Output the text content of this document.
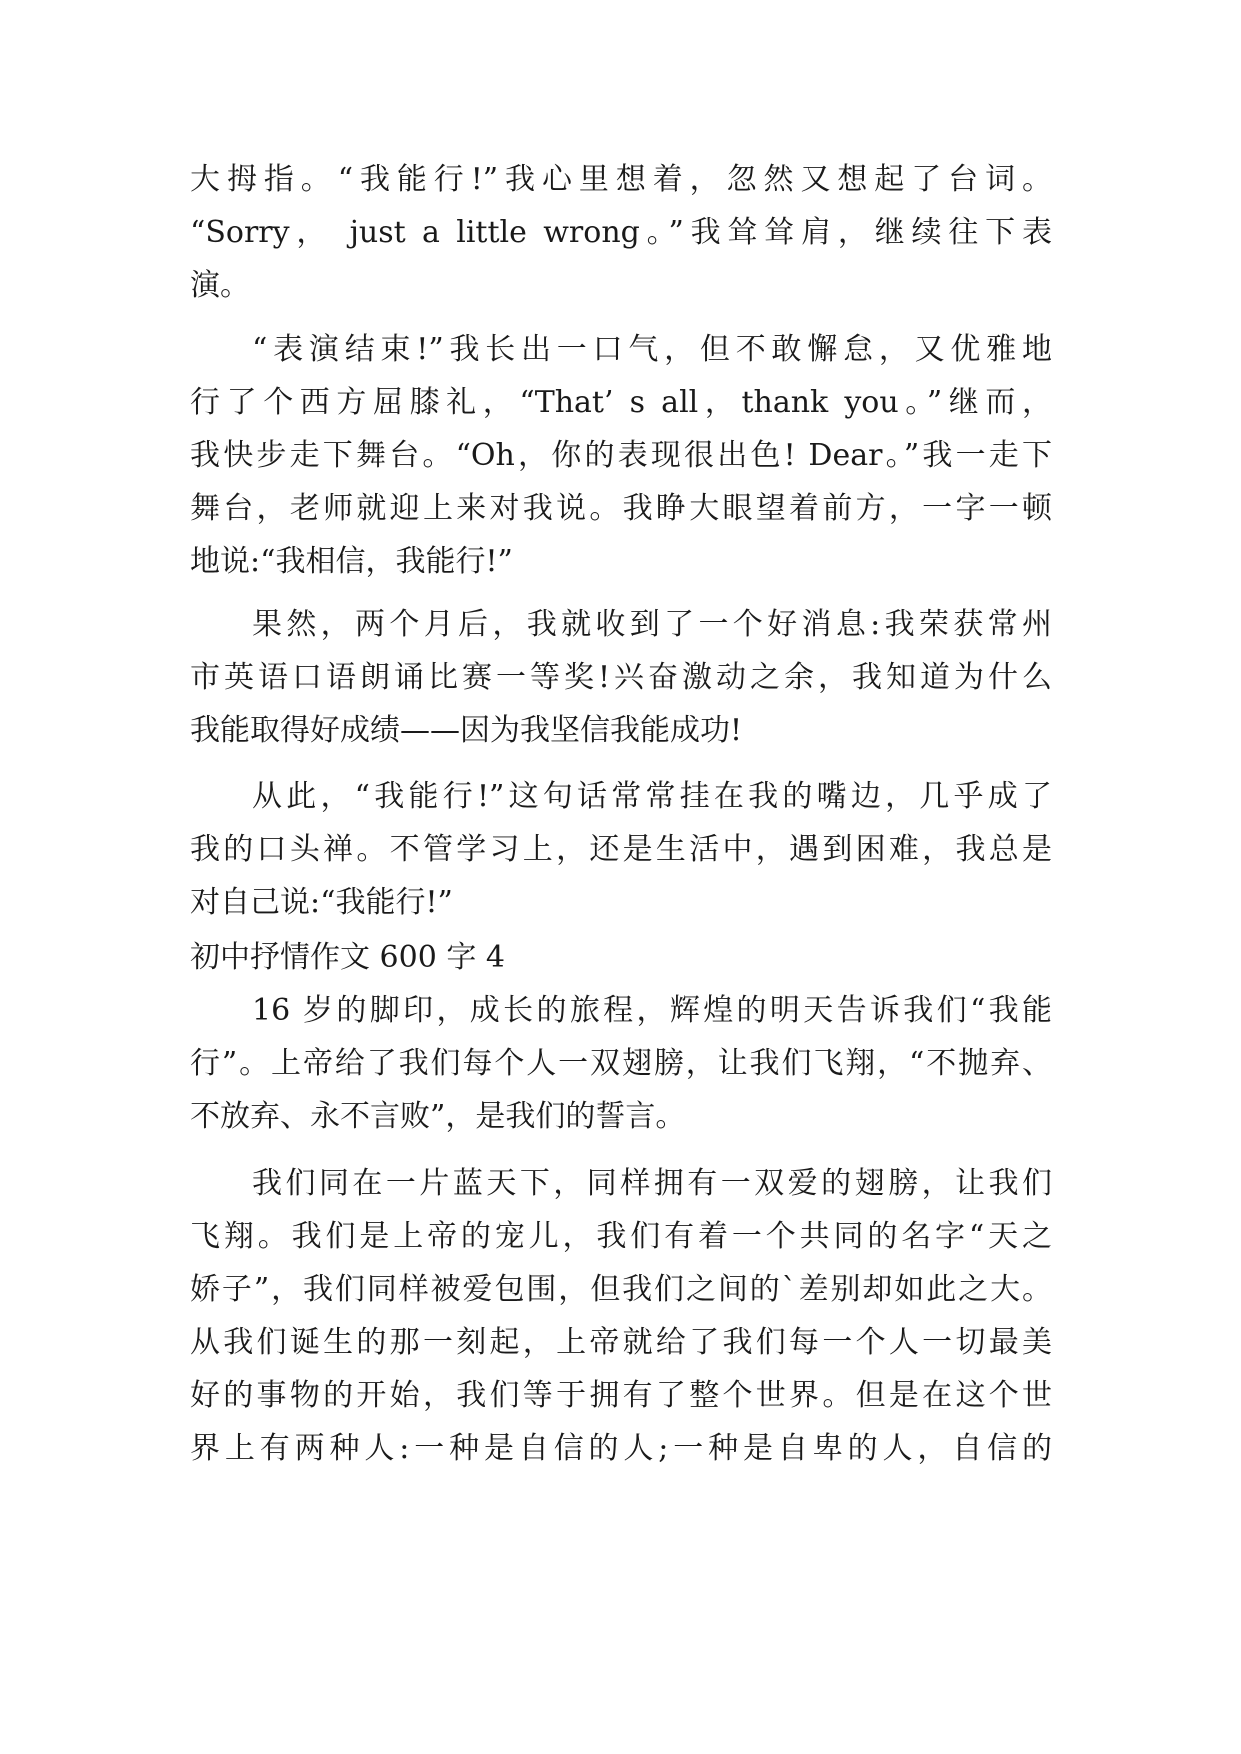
大拇指。“我能行!”我心里想着，忽然又想起了台词。
“Sorry， just a little wrong。”我耸耸肩，继续往下表
演。
“表演结束!”我长出一口气，但不敢懈怠，又优雅地
行了个西方屈膝礼，“That’ s all，thank you。”继而，
我快步走下舞台。“Oh，你的表现很出色! Dear。”我一走下
舞台，老师就迎上来对我说。我睁大眼望着前方，一字一顿
地说:“我相信，我能行!”
果然，两个月后，我就收到了一个好消息:我荣获常州
市英语口语朗诵比赛一等奖!兴奋激动之余，我知道为什么
我能取得好成绩——因为我坚信我能成功!
从此，“我能行!”这句话常常挂在我的嘴边，几乎成了
我的口头禅。不管学习上，还是生活中，遇到困难，我总是
对自己说:“我能行!”
初中抒情作文 600 字 4
16 岁的脚印，成长的旅程，辉煌的明天告诉我们“我能
行”。上帝给了我们每个人一双翅膀，让我们飞翔，“不抛弃、
不放弃、永不言败”，是我们的誓言。
我们同在一片蓝天下，同样拥有一双爱的翅膀，让我们
飞翔。我们是上帝的宠儿，我们有着一个共同的名字“天之
娇子”，我们同样被爱包围，但我们之间的`差别却如此之大。
从我们诞生的那一刻起，上帝就给了我们每一个人一切最美
好的事物的开始，我们等于拥有了整个世界。但是在这个世
界上有两种人:一种是自信的人;一种是自卑的人，自信的
